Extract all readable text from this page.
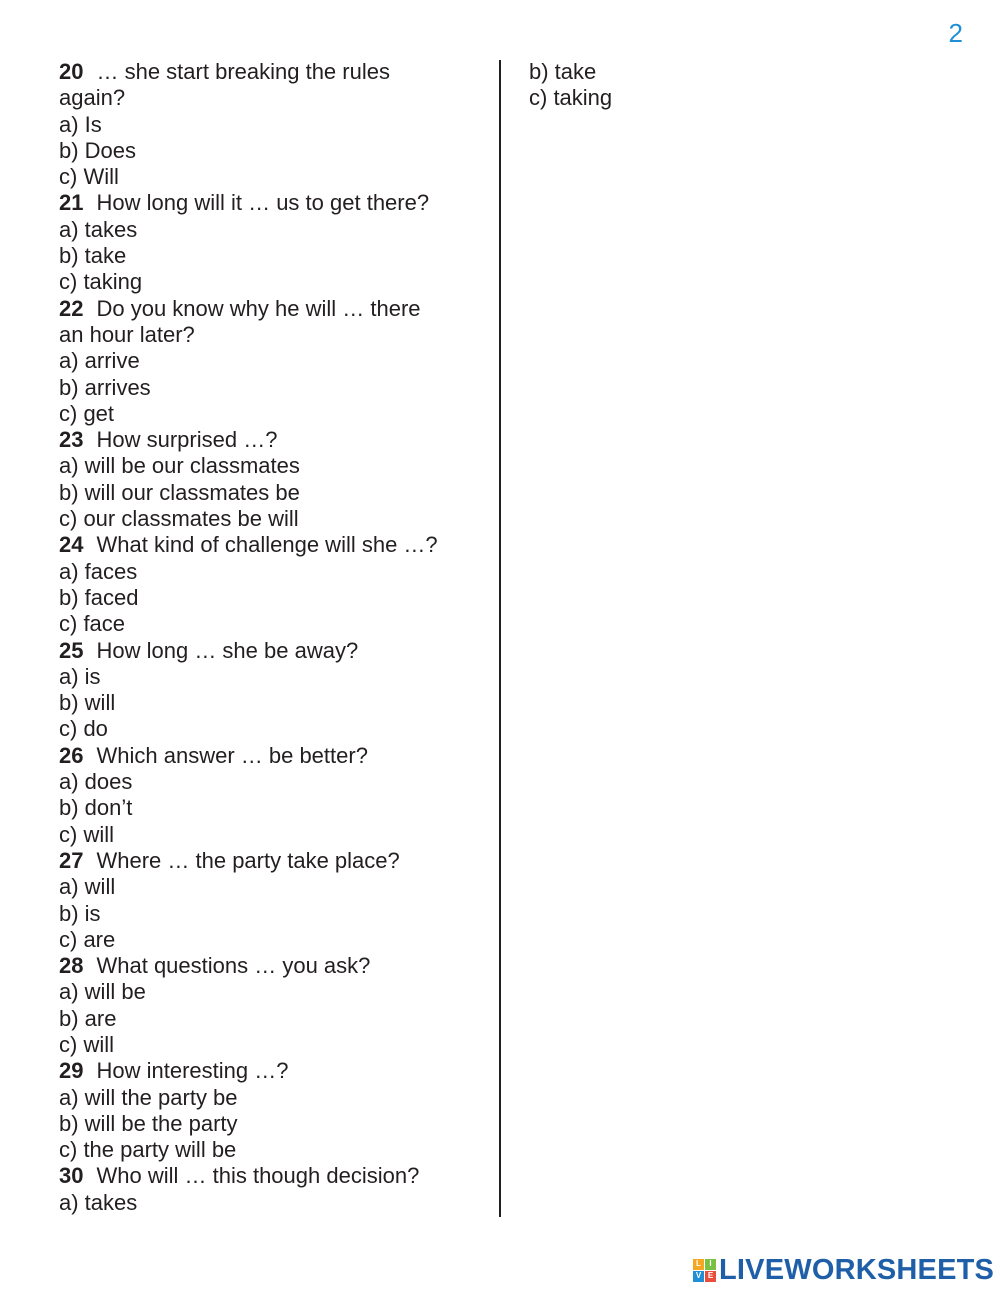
2
20 … she start breaking the rules
again?
a) Is
b) Does
c) Will
21 How long will it … us to get there?
a) takes
b) take
c) taking
22 Do you know why he will … there
an hour later?
a) arrive
b) arrives
c) get
23 How surprised …?
a) will be our classmates
b) will our classmates be
c) our classmates be will
24 What kind of challenge will she …?
a) faces
b) faced
c) face
25 How long … she be away?
a) is
b) will
c) do
26 Which answer … be better?
a) does
b) don’t
c) will
27 Where … the party take place?
a) will
b) is
c) are
28 What questions … you ask?
a) will be
b) are
c) will
29 How interesting …?
a) will the party be
b) will be the party
c) the party will be
30 Who will … this though decision?
a) takes
b) take
c) taking
L	I
V E LIVEWORKSHEETS
